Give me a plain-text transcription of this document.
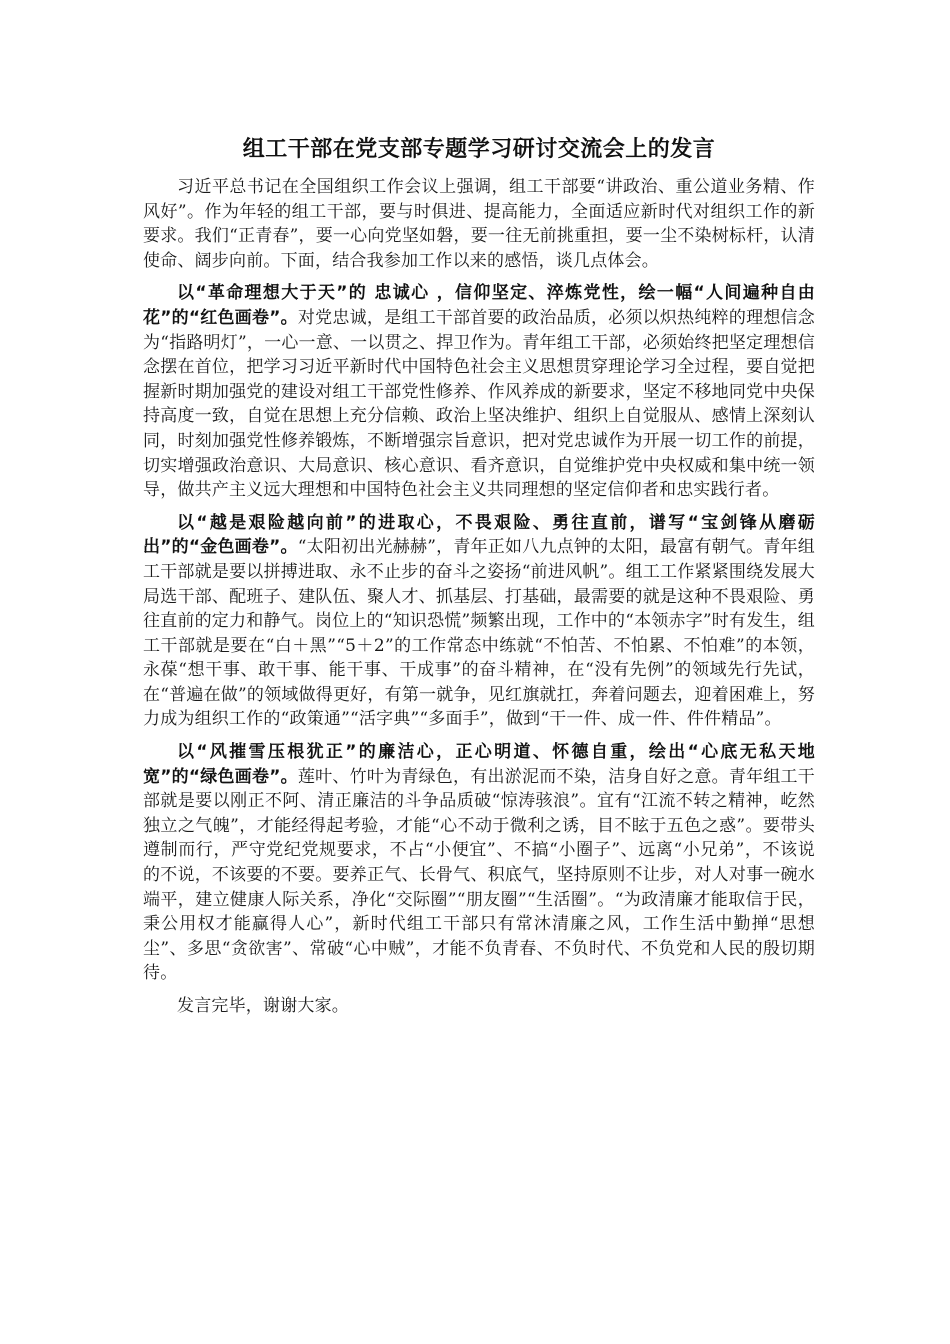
组工干部在党支部专题学习研讨交流会上的发言

习近平总书记在全国组织工作会议上强调，组工干部要“讲政治、重公道业务精、作风好”。作为年轻的组工干部，要与时俱进、提高能力，全面适应新时代对组织工作的新要求。我们“正青春”，要一心向党坚如磐，要一往无前挑重担，要一尘不染树标杆，认清使命、阔步向前。下面，结合我参加工作以来的感悟，谈几点体会。

以“革命理想大于天”的 忠诚心 ，信仰坚定、淬炼党性，绘一幅“人间遍种自由花”的“红色画卷”。对党忠诚，是组工干部首要的政治品质，必须以炽热纯粹的理想信念为“指路明灯”，一心一意、一以贯之、捍卫作为。青年组工干部，必须始终把坚定理想信念摆在首位，把学习习近平新时代中国特色社会主义思想贯穿理论学习全过程，要自觉把握新时期加强党的建设对组工干部党性修养、作风养成的新要求，坚定不移地同党中央保持高度一致，自觉在思想上充分信赖、政治上坚决维护、组织上自觉服从、感情上深刻认同，时刻加强党性修养锻炼，不断增强宗旨意识，把对党忠诚作为开展一切工作的前提，切实增强政治意识、大局意识、核心意识、看齐意识，自觉维护党中央权威和集中统一领导，做共产主义远大理想和中国特色社会主义共同理想的坚定信仰者和忠实践行者。

以“越是艰险越向前”的进取心，不畏艰险、勇往直前，谱写“宝剑锋从磨砺出”的“金色画卷”。“太阳初出光赫赫”，青年正如八九点钟的太阳，最富有朝气。青年组工干部就是要以拼搏进取、永不止步的奋斗之姿扬“前进风帆”。组工工作紧紧围绕发展大局选干部、配班子、建队伍、聚人才、抓基层、打基础，最需要的就是这种不畏艰险、勇往直前的定力和静气。岗位上的“知识恐慌”频繁出现，工作中的“本领赤字”时有发生，组工干部就是要在“白＋黑”“5＋2”的工作常态中练就“不怕苦、不怕累、不怕难”的本领，永葆“想干事、敢干事、能干事、干成事”的奋斗精神，在“没有先例”的领域先行先试，在“普遍在做”的领域做得更好，有第一就争，见红旗就扛，奔着问题去，迎着困难上，努力成为组织工作的“政策通”“活字典”“多面手”，做到“干一件、成一件、件件精品”。

以“风摧雪压根犹正”的廉洁心，正心明道、怀德自重，绘出“心底无私天地宽”的“绿色画卷”。莲叶、竹叶为青绿色，有出淤泥而不染，洁身自好之意。青年组工干部就是要以刚正不阿、清正廉洁的斗争品质破“惊涛骇浪”。宜有“江流不转之精神，屹然独立之气魄”，才能经得起考验，才能“心不动于微利之诱，目不眩于五色之惑”。要带头遵制而行，严守党纪党规要求，不占“小便宜”、不搞“小圈子”、远离“小兄弟”，不该说的不说，不该要的不要。要养正气、长骨气、积底气，坚持原则不让步，对人对事一碗水端平，建立健康人际关系，净化“交际圈”“朋友圈”“生活圈”。“为政清廉才能取信于民，秉公用权才能赢得人心”，新时代组工干部只有常沐清廉之风，工作生活中勤掸“思想尘”、多思“贪欲害”、常破“心中贼”，才能不负青春、不负时代、不负党和人民的殷切期待。

发言完毕，谢谢大家。
